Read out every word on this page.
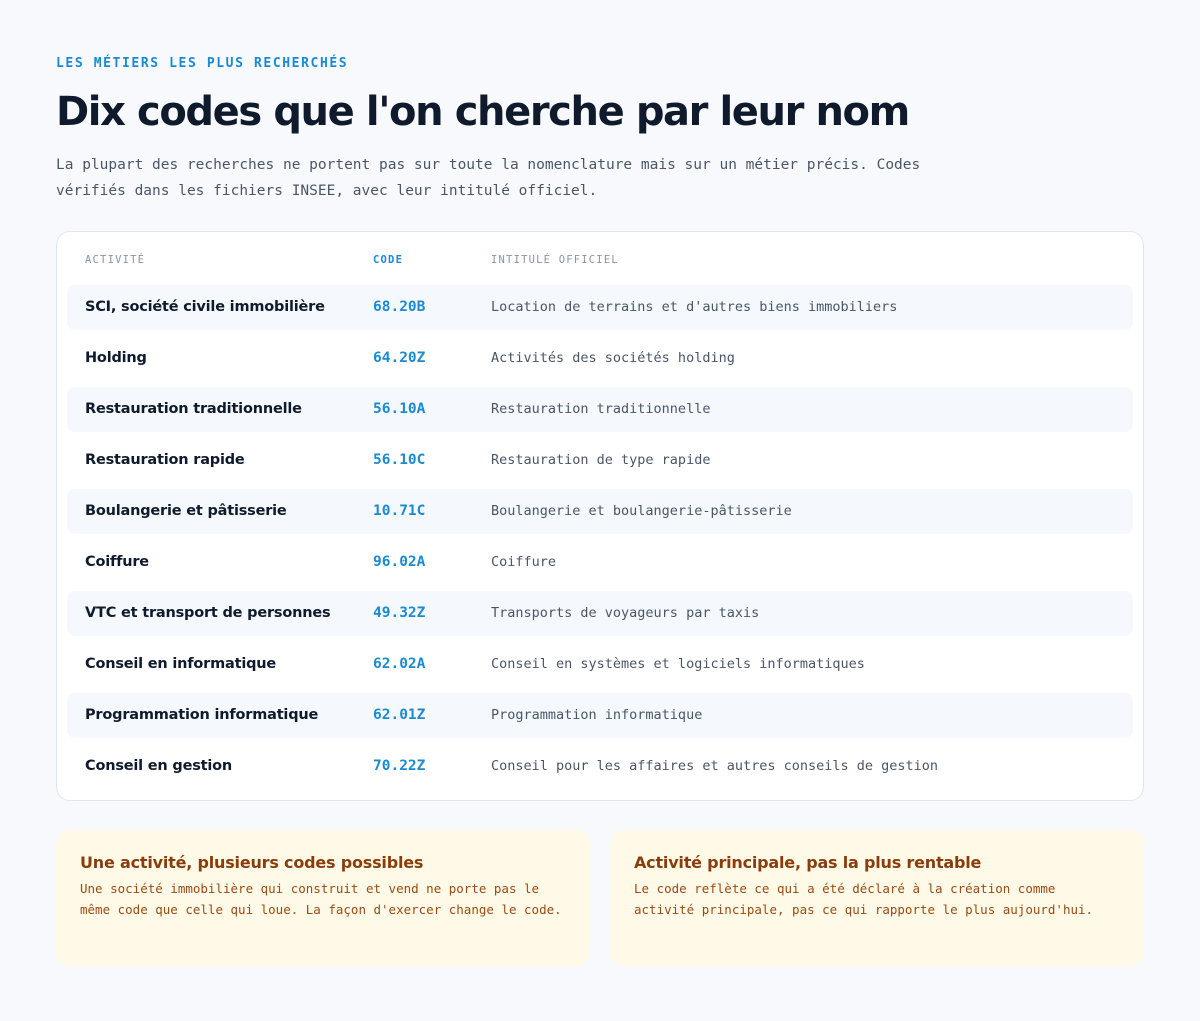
LES MÉTIERS LES PLUS RECHERCHÉS
Dix codes que l'on cherche par leur nom

La plupart des recherches ne portent pas sur toute la nomenclature mais sur un métier précis. Codes vérifiés dans les fichiers INSEE, avec leur intitulé officiel.

ACTIVITÉ	CODE	INTITULÉ OFFICIEL
SCI, société civile immobilière	68.20B	Location de terrains et d'autres biens immobiliers
Holding	64.20Z	Activités des sociétés holding
Restauration traditionnelle	56.10A	Restauration traditionnelle
Restauration rapide	56.10C	Restauration de type rapide
Boulangerie et pâtisserie	10.71C	Boulangerie et boulangerie-pâtisserie
Coiffure	96.02A	Coiffure
VTC et transport de personnes	49.32Z	Transports de voyageurs par taxis
Conseil en informatique	62.02A	Conseil en systèmes et logiciels informatiques
Programmation informatique	62.01Z	Programmation informatique
Conseil en gestion	70.22Z	Conseil pour les affaires et autres conseils de gestion
Une activité, plusieurs codes possibles

Une société immobilière qui construit et vend ne porte pas le même code que celle qui loue. La façon d'exercer change le code.

Activité principale, pas la plus rentable

Le code reflète ce qui a été déclaré à la création comme activité principale, pas ce qui rapporte le plus aujourd'hui.
